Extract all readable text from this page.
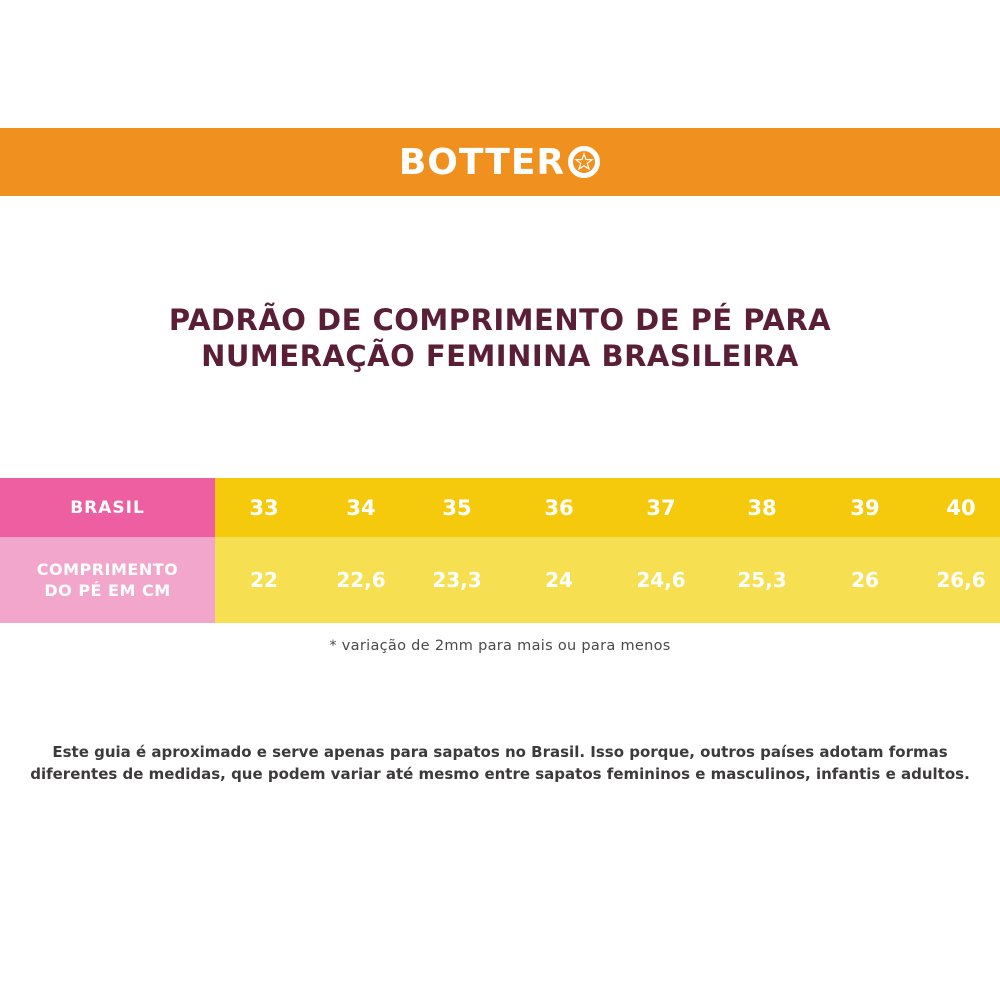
BOTTER
PADRÃO DE COMPRIMENTO DE PÉ PARA
NUMERAÇÃO FEMININA BRASILEIRA
BRASIL	33	34	35	36	37	38	39	40
COMPRIMENTO
DO PÉ EM CM	22	22,6	23,3	24	24,6	25,3	26	26,6
* variação de 2mm para mais ou para menos
Este guia é aproximado e serve apenas para sapatos no Brasil. Isso porque, outros países adotam formas
diferentes de medidas, que podem variar até mesmo entre sapatos femininos e masculinos, infantis e adultos.
